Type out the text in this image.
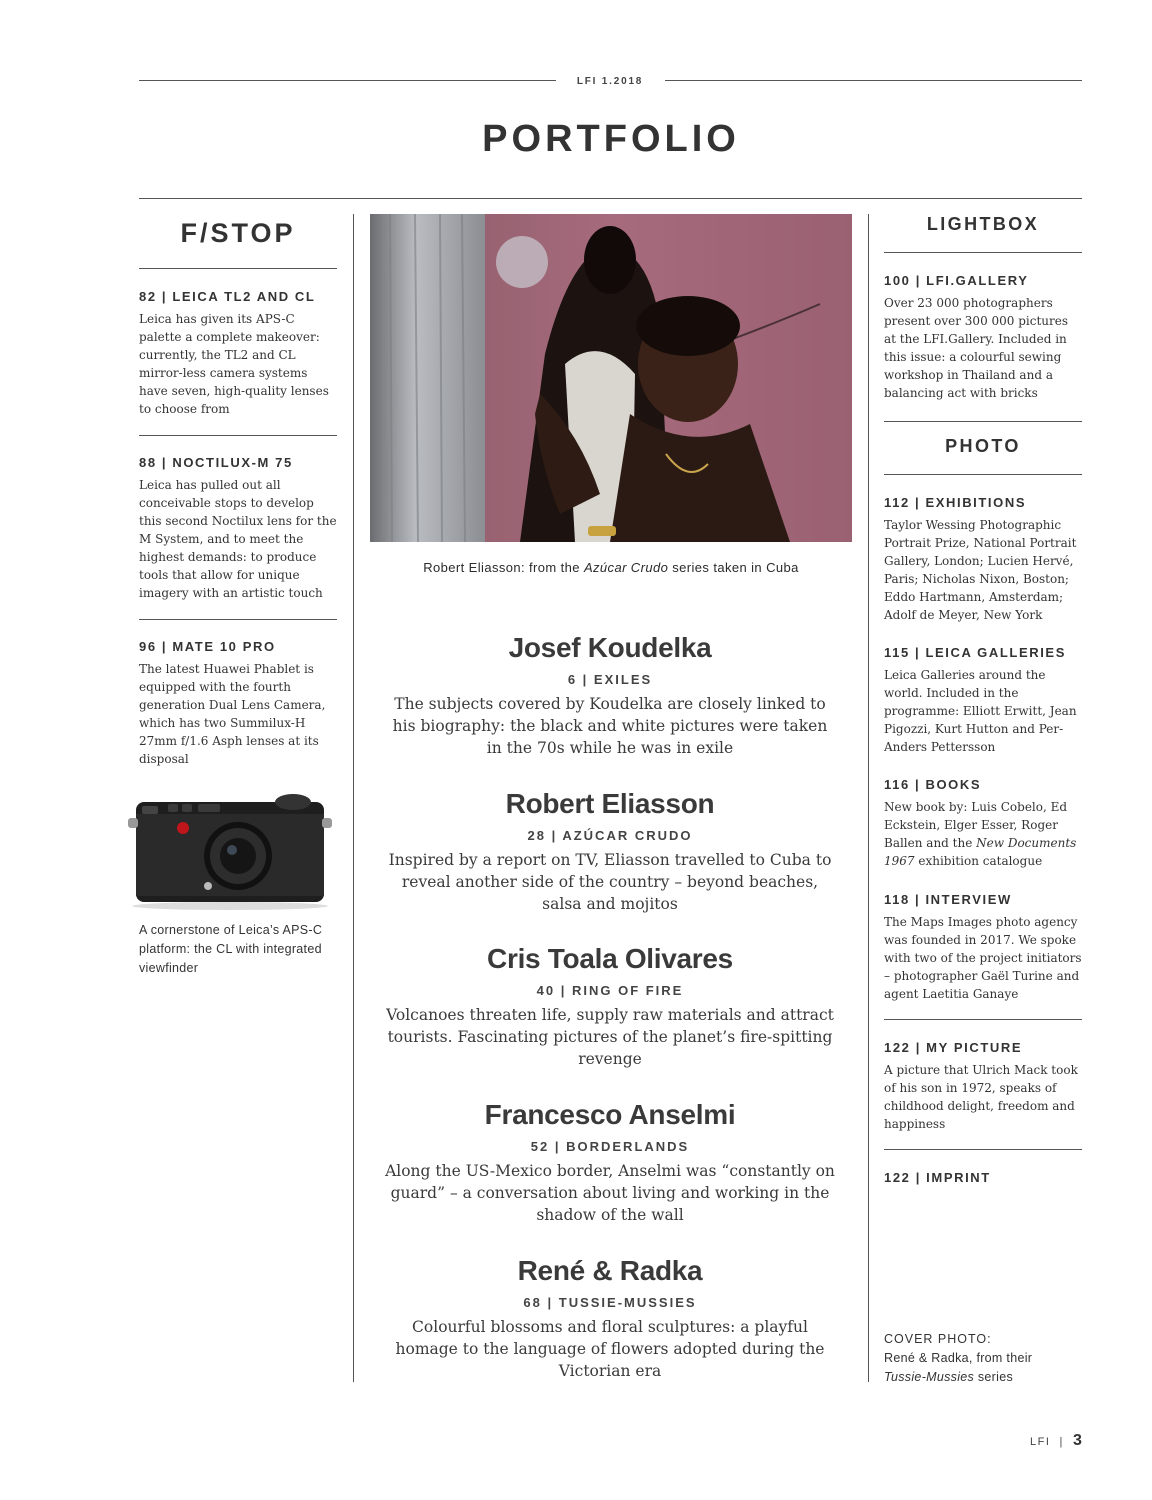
LFI 1.2018
PORTFOLIO
F/STOP

82 | LEICA TL2 AND CL

Leica has given its APS-C palette a complete makeover: currently, the TL2 and CL mirror-less camera systems have seven, high-quality lenses to choose from

88 | NOCTILUX-M 75

Leica has pulled out all conceivable stops to develop this second Noctilux lens for the M System, and to meet the highest demands: to produce tools that allow for unique imagery with an artistic touch

96 | MATE 10 PRO

The latest Huawei Phablet is equipped with the fourth generation Dual Lens Camera, which has two Summilux-H 27mm f/1.6 Asph lenses at its disposal

A cornerstone of Leica’s APS-C platform: the CL with integrated viewfinder
Robert Eliasson: from the Azúcar Crudo series taken in Cuba
Josef Koudelka
6 | EXILES

The subjects covered by Koudelka are closely linked to his biography: the black and white pictures were taken in the 70s while he was in exile

Robert Eliasson
28 | AZÚCAR CRUDO

Inspired by a report on TV, Eliasson travelled to Cuba to reveal another side of the country – beyond beaches, salsa and mojitos

Cris Toala Olivares
40 | RING OF FIRE

Volcanoes threaten life, supply raw materials and attract tourists. Fascinating pictures of the planet’s fire-spitting revenge

Francesco Anselmi
52 | BORDERLANDS

Along the US-Mexico border, Anselmi was “constantly on guard” – a conversation about living and working in the shadow of the wall

René & Radka
68 | TUSSIE-MUSSIES

Colourful blossoms and floral sculptures: a playful homage to the language of flowers adopted during the Victorian era

LIGHTBOX

100 | LFI.GALLERY

Over 23 000 photographers present over 300 000 pictures at the LFI.Gallery. Included in this issue: a colourful sewing workshop in Thailand and a balancing act with bricks

PHOTO

112 | EXHIBITIONS

Taylor Wessing Photographic Portrait Prize, National Portrait Gallery, London; Lucien Hervé, Paris; Nicholas Nixon, Boston; Eddo Hartmann, Amsterdam; Adolf de Meyer, New York

115 | LEICA GALLERIES

Leica Galleries around the world. Included in the programme: Elliott Erwitt, Jean Pigozzi, Kurt Hutton and Per-Anders Pettersson

116 | BOOKS

New book by: Luis Cobelo, Ed Eckstein, Elger Esser, Roger Ballen and the New Documents 1967 exhibition catalogue

118 | INTERVIEW

The Maps Images photo agency was founded in 2017. We spoke with two of the project initiators – photographer Gaël Turine and agent Laetitia Ganaye

122 | MY PICTURE

A picture that Ulrich Mack took of his son in 1972, speaks of childhood delight, freedom and happiness

122 | IMPRINT

COVER PHOTO:
René & Radka, from their
Tussie-Mussies series
LFI  |  3
